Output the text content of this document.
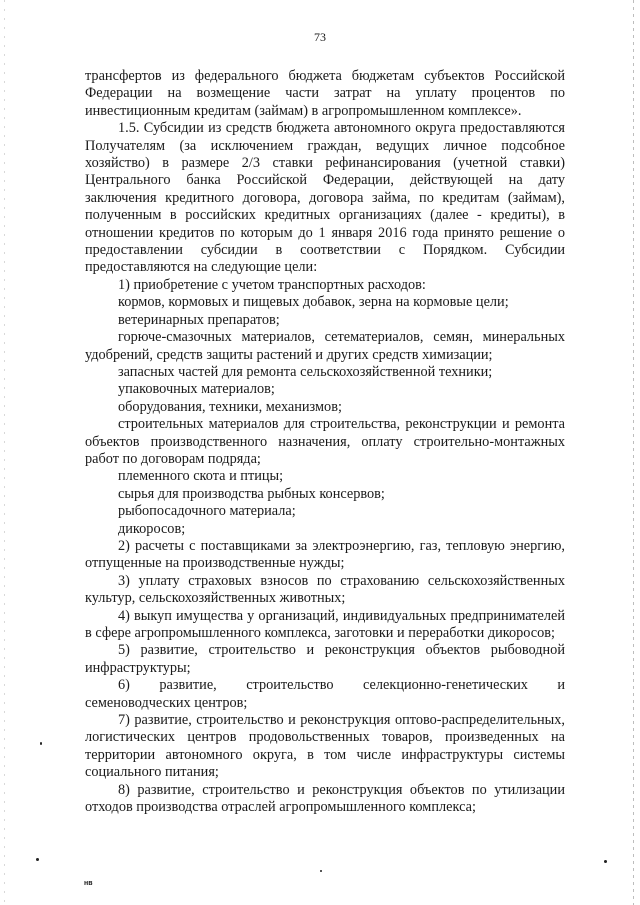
73

трансфертов из федерального бюджета бюджетам субъектов Российской Федерации на возмещение части затрат на уплату процентов по инвестиционным кредитам (займам) в агропромышленном комплексе».

1.5. Субсидии из средств бюджета автономного округа предоставляются Получателям (за исключением граждан, ведущих личное подсобное хозяйство) в размере 2/3 ставки рефинансирования (учетной ставки) Центрального банка Российской Федерации, действующей на дату заключения кредитного договора, договора займа, по кредитам (займам), полученным в российских кредитных организациях (далее - кредиты), в отношении кредитов по которым до 1 января 2016 года принято решение о предоставлении субсидии в соответствии с Порядком. Субсидии предоставляются на следующие цели:

1) приобретение с учетом транспортных расходов:

кормов, кормовых и пищевых добавок, зерна на кормовые цели;

ветеринарных препаратов;

горюче-смазочных материалов, сетематериалов, семян, минеральных удобрений, средств защиты растений и других средств химизации;

запасных частей для ремонта сельскохозяйственной техники;

упаковочных материалов;

оборудования, техники, механизмов;

строительных материалов для строительства, реконструкции и ремонта объектов производственного назначения, оплату строительно-монтажных работ по договорам подряда;

племенного скота и птицы;

сырья для производства рыбных консервов;

рыбопосадочного материала;

дикоросов;

2) расчеты с поставщиками за электроэнергию, газ, тепловую энергию, отпущенные на производственные нужды;

3) уплату страховых взносов по страхованию сельскохозяйственных культур, сельскохозяйственных животных;

4) выкуп имущества у организаций, индивидуальных предпринимателей в сфере агропромышленного комплекса, заготовки и переработки дикоросов;

5) развитие, строительство и реконструкция объектов рыбоводной инфраструктуры;

6) развитие, строительство селекционно-генетических и семеноводческих центров;

7) развитие, строительство и реконструкция оптово-распределительных, логистических центров продовольственных товаров, произведенных на территории автономного округа, в том числе инфраструктуры системы социального питания;

8) развитие, строительство и реконструкция объектов по утилизации отходов производства отраслей агропромышленного комплекса;

нв
